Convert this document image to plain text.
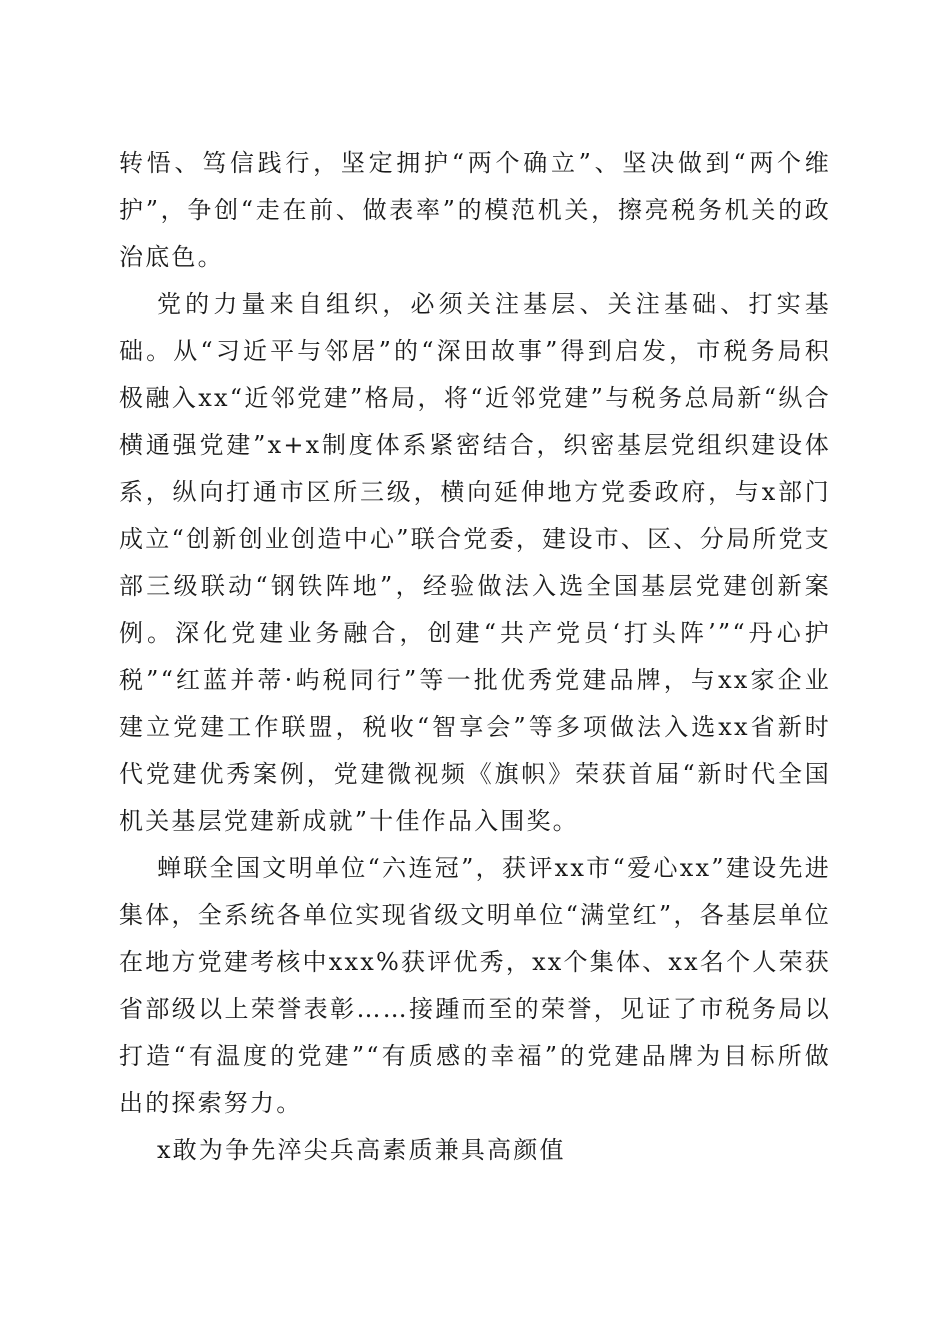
转悟、笃信践行，坚定拥护“两个确立”、坚决做到“两个维护”，争创“走在前、做表率”的模范机关，擦亮税务机关的政治底色。

党的力量来自组织，必须关注基层、关注基础、打实基础。从“习近平与邻居”的“深田故事”得到启发，市税务局积极融入xx“近邻党建”格局，将“近邻党建”与税务总局新“纵合横通强党建”x+x制度体系紧密结合，织密基层党组织建设体系，纵向打通市区所三级，横向延伸地方党委政府，与x部门成立“创新创业创造中心”联合党委，建设市、区、分局所党支部三级联动“钢铁阵地”，经验做法入选全国基层党建创新案例。深化党建业务融合，创建“共产党员‘打头阵’”“丹心护税”“红蓝并蒂·屿税同行”等一批优秀党建品牌，与xx家企业建立党建工作联盟，税收“智享会”等多项做法入选xx省新时代党建优秀案例，党建微视频《旗帜》荣获首届“新时代全国机关基层党建新成就”十佳作品入围奖。

蝉联全国文明单位“六连冠”，获评xx市“爱心xx”建设先进集体，全系统各单位实现省级文明单位“满堂红”，各基层单位在地方党建考核中xxx%获评优秀，xx个集体、xx名个人荣获省部级以上荣誉表彰……接踵而至的荣誉，见证了市税务局以打造“有温度的党建”“有质感的幸福”的党建品牌为目标所做出的探索努力。

x敢为争先淬尖兵高素质兼具高颜值
